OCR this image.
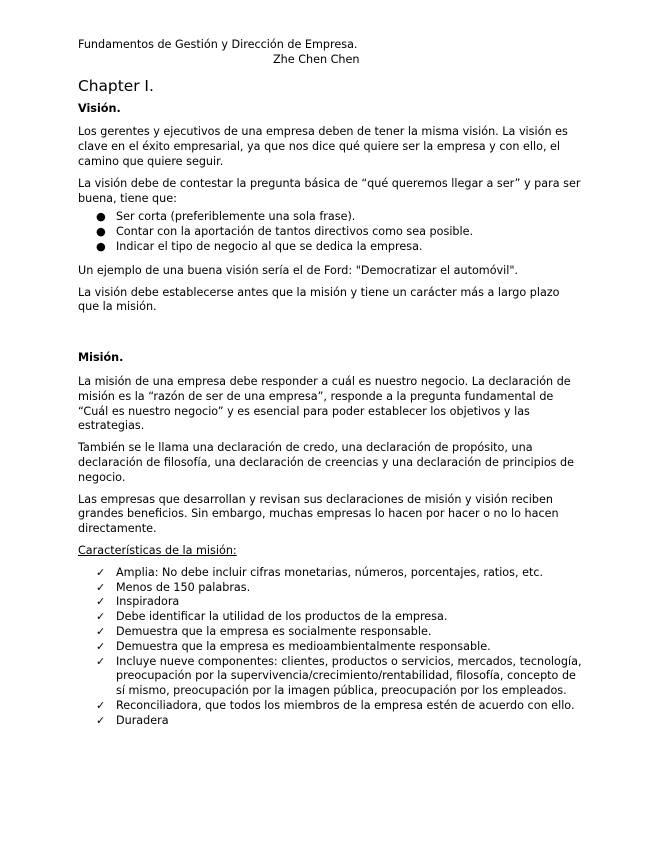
Fundamentos de Gestión y Dirección de Empresa.

Zhe Chen Chen

Chapter I.

Visión.

Los gerentes y ejecutivos de una empresa deben de tener la misma visión. La visión es clave en el éxito empresarial, ya que nos dice qué quiere ser la empresa y con ello, el camino que quiere seguir.

La visión debe de contestar la pregunta básica de “qué queremos llegar a ser” y para ser buena, tiene que:

● Ser corta (preferiblemente una sola frase).
● Contar con la aportación de tantos directivos como sea posible.
● Indicar el tipo de negocio al que se dedica la empresa.

Un ejemplo de una buena visión sería el de Ford: "Democratizar el automóvil".

La visión debe establecerse antes que la misión y tiene un carácter más a largo plazo que la misión.

Misión.

La misión de una empresa debe responder a cuál es nuestro negocio. La declaración de misión es la “razón de ser de una empresa”, responde a la pregunta fundamental de “Cuál es nuestro negocio” y es esencial para poder establecer los objetivos y las estrategias.

También se le llama una declaración de credo, una declaración de propósito, una declaración de filosofía, una declaración de creencias y una declaración de principios de negocio.

Las empresas que desarrollan y revisan sus declaraciones de misión y visión reciben grandes beneficios. Sin embargo, muchas empresas lo hacen por hacer o no lo hacen directamente.

Características de la misión:

✓ Amplia: No debe incluir cifras monetarias, números, porcentajes, ratios, etc.
✓ Menos de 150 palabras.
✓ Inspiradora
✓ Debe identificar la utilidad de los productos de la empresa.
✓ Demuestra que la empresa es socialmente responsable.
✓ Demuestra que la empresa es medioambientalmente responsable.
✓ Incluye nueve componentes: clientes, productos o servicios, mercados, tecnología, preocupación por la supervivencia/crecimiento/rentabilidad, filosofía, concepto de sí mismo, preocupación por la imagen pública, preocupación por los empleados.
✓ Reconciliadora, que todos los miembros de la empresa estén de acuerdo con ello.
✓ Duradera
